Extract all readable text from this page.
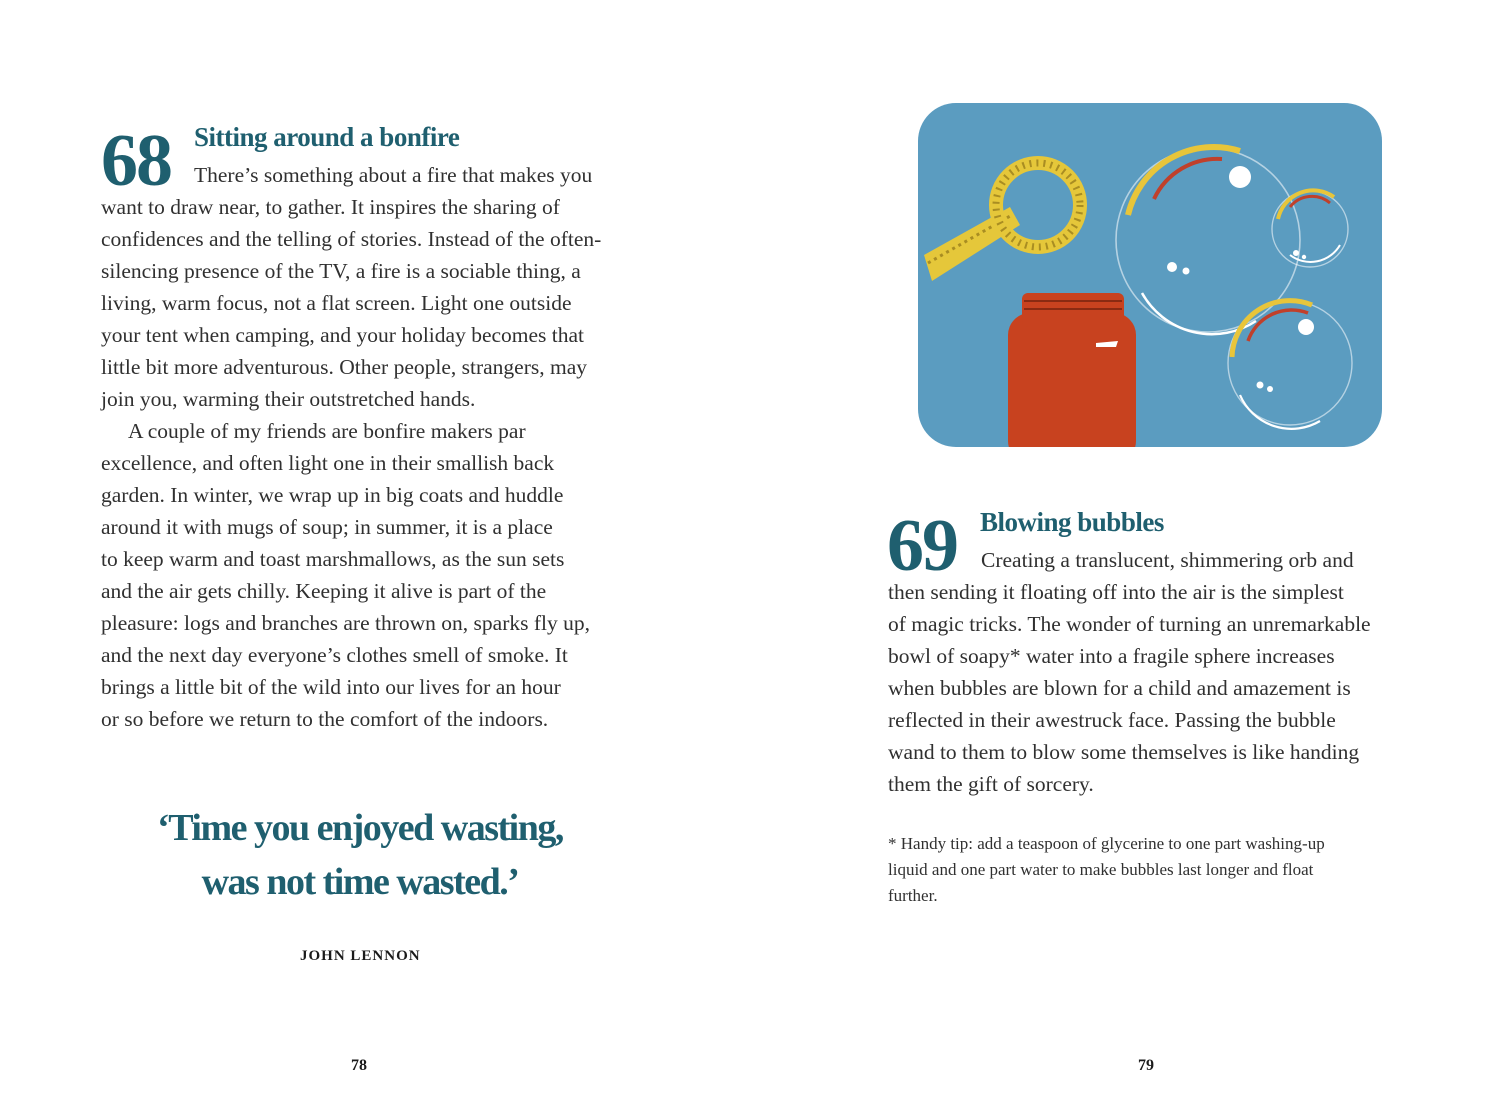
68 Sitting around a bonfire
There’s something about a fire that makes you
want to draw near, to gather. It inspires the sharing of
confidences and the telling of stories. Instead of the often-
silencing presence of the TV, a fire is a sociable thing, a
living, warm focus, not a flat screen. Light one outside
your tent when camping, and your holiday becomes that
little bit more adventurous. Other people, strangers, may
join you, warming their outstretched hands.
A couple of my friends are bonfire makers par
excellence, and often light one in their smallish back
garden. In winter, we wrap up in big coats and huddle
around it with mugs of soup; in summer, it is a place
to keep warm and toast marshmallows, as the sun sets
and the air gets chilly. Keeping it alive is part of the
pleasure: logs and branches are thrown on, sparks fly up,
and the next day everyone’s clothes smell of smoke. It
brings a little bit of the wild into our lives for an hour
or so before we return to the comfort of the indoors.
‘Time you enjoyed wasting,
was not time wasted.’
JOHN LENNON
78
69 Blowing bubbles
Creating a translucent, shimmering orb and
then sending it floating off into the air is the simplest
of magic tricks. The wonder of turning an unremarkable
bowl of soapy* water into a fragile sphere increases
when bubbles are blown for a child and amazement is
reflected in their awestruck face. Passing the bubble
wand to them to blow some themselves is like handing
them the gift of sorcery.
* Handy tip: add a teaspoon of glycerine to one part washing-up
liquid and one part water to make bubbles last longer and float
further.
79
